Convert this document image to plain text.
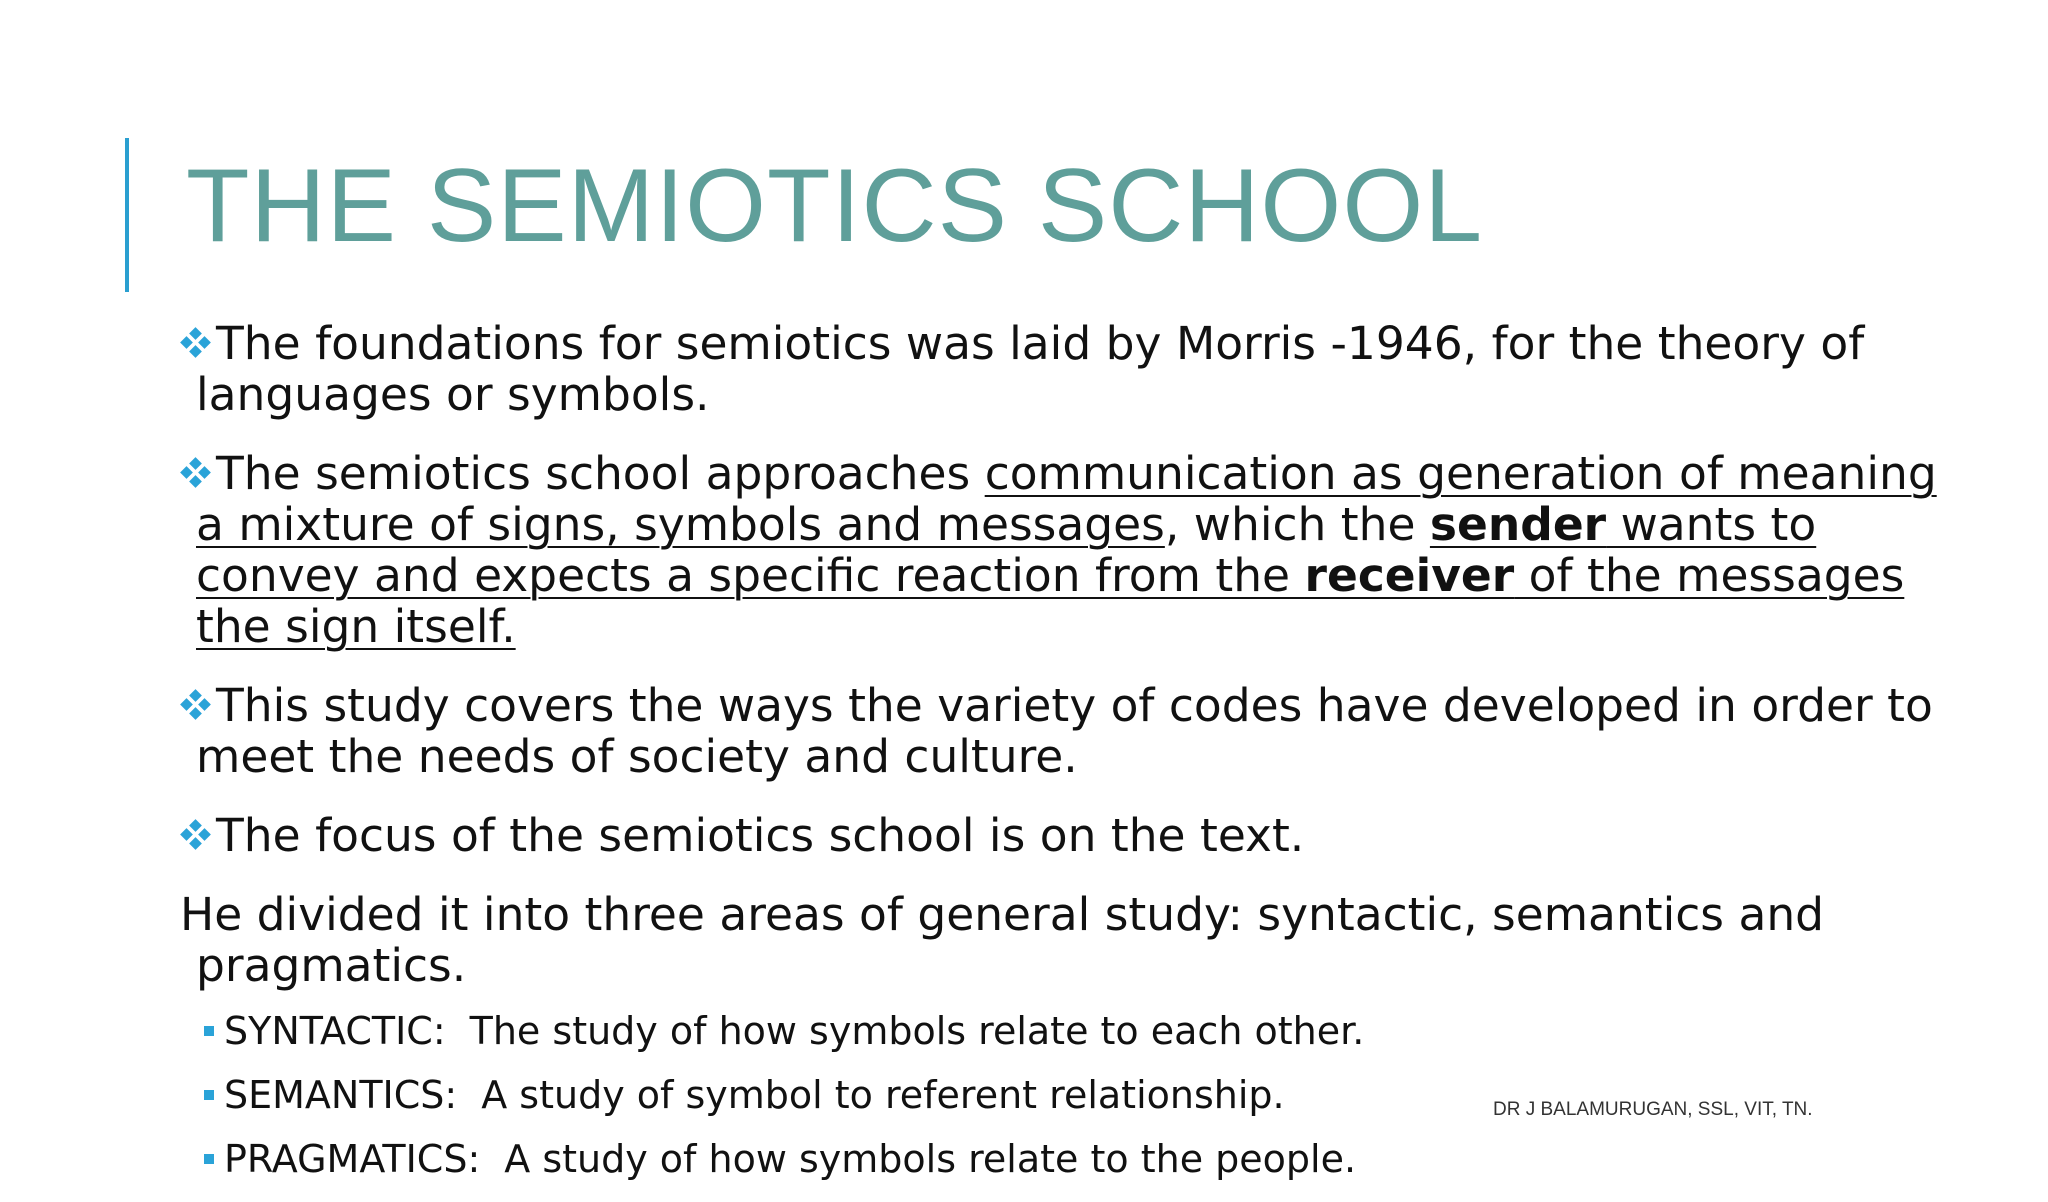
THE SEMIOTICS SCHOOL

The foundations for semiotics was laid by Morris -1946, for the theory of languages or symbols.

The semiotics school approaches communication as generation of meaning a mixture of signs, symbols and messages, which the sender wants to convey and expects a specific reaction from the receiver of the messages the sign itself.

This study covers the ways the variety of codes have developed in order to meet the needs of society and culture.

The focus of the semiotics school is on the text.

He divided it into three areas of general study: syntactic, semantics and pragmatics.

SYNTACTIC: The study of how symbols relate to each other.

SEMANTICS: A study of symbol to referent relationship.

PRAGMATICS: A study of how symbols relate to the people.

DR J BALAMURUGAN, SSL, VIT, TN.
